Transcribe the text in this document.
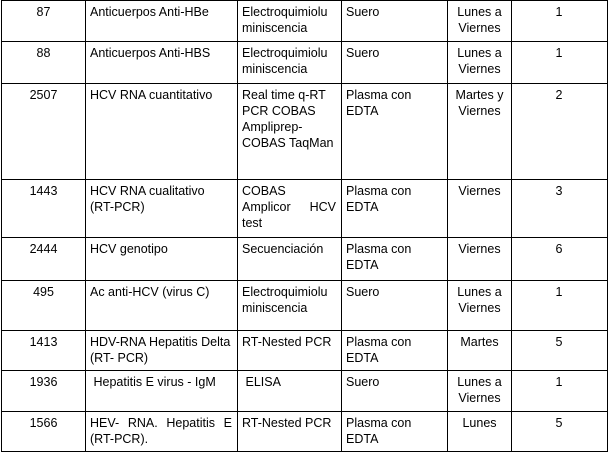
87	Anticuerpos Anti-HBe	Electroquimiolu miniscencia	Suero	Lunes a Viernes	1
88	Anticuerpos Anti-HBS	Electroquimiolu miniscencia	Suero	Lunes a Viernes	1
2507	HCV RNA cuantitativo	Real time q-RT PCR COBAS Ampliprep- COBAS TaqMan	Plasma con EDTA	Martes y Viernes	2
1443	HCV RNA cualitativo (RT-PCR)	COBAS Amplicor HCV test	Plasma con EDTA	Viernes	3
2444	HCV genotipo	Secuenciación	Plasma con EDTA	Viernes	6
495	Ac anti-HCV (virus C)	Electroquimiolu miniscencia	Suero	Lunes a Viernes	1
1413	HDV-RNA Hepatitis Delta (RT- PCR)	RT-Nested PCR	Plasma con EDTA	Martes	5
1936	Hepatitis E virus - IgM	ELISA	Suero	Lunes a Viernes	1
1566	HEV- RNA. Hepatitis E (RT-PCR).	RT-Nested PCR	Plasma con EDTA	Lunes	5
